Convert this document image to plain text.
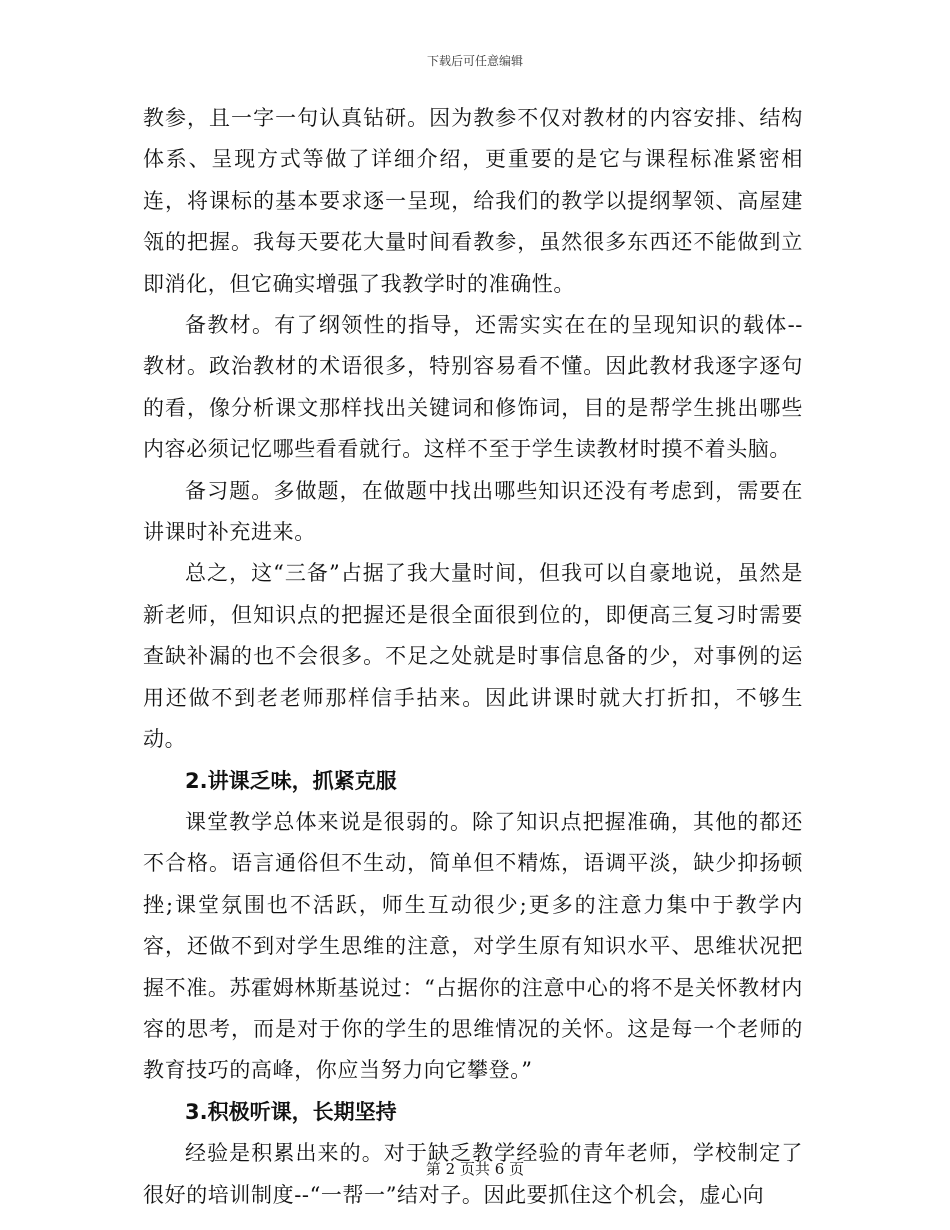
下载后可任意编辑

教参，且一字一句认真钻研。因为教参不仅对教材的内容安排、结构体系、呈现方式等做了详细介绍，更重要的是它与课程标准紧密相连，将课标的基本要求逐一呈现，给我们的教学以提纲挈领、高屋建瓴的把握。我每天要花大量时间看教参，虽然很多东西还不能做到立即消化，但它确实增强了我教学时的准确性。

备教材。有了纲领性的指导，还需实实在在的呈现知识的载体--教材。政治教材的术语很多，特别容易看不懂。因此教材我逐字逐句的看，像分析课文那样找出关键词和修饰词，目的是帮学生挑出哪些内容必须记忆哪些看看就行。这样不至于学生读教材时摸不着头脑。

备习题。多做题，在做题中找出哪些知识还没有考虑到，需要在讲课时补充进来。

总之，这“三备”占据了我大量时间，但我可以自豪地说，虽然是新老师，但知识点的把握还是很全面很到位的，即便高三复习时需要查缺补漏的也不会很多。不足之处就是时事信息备的少，对事例的运用还做不到老老师那样信手拈来。因此讲课时就大打折扣，不够生动。

2.讲课乏味，抓紧克服

课堂教学总体来说是很弱的。除了知识点把握准确，其他的都还不合格。语言通俗但不生动，简单但不精炼，语调平淡，缺少抑扬顿挫;课堂氛围也不活跃，师生互动很少;更多的注意力集中于教学内容，还做不到对学生思维的注意，对学生原有知识水平、思维状况把握不准。苏霍姆林斯基说过：“占据你的注意中心的将不是关怀教材内容的思考，而是对于你的学生的思维情况的关怀。这是每一个老师的教育技巧的高峰，你应当努力向它攀登。”

3.积极听课，长期坚持

经验是积累出来的。对于缺乏教学经验的青年老师，学校制定了很好的培训制度--“一帮一”结对子。因此要抓住这个机会，虚心向

第 2 页共 6 页
